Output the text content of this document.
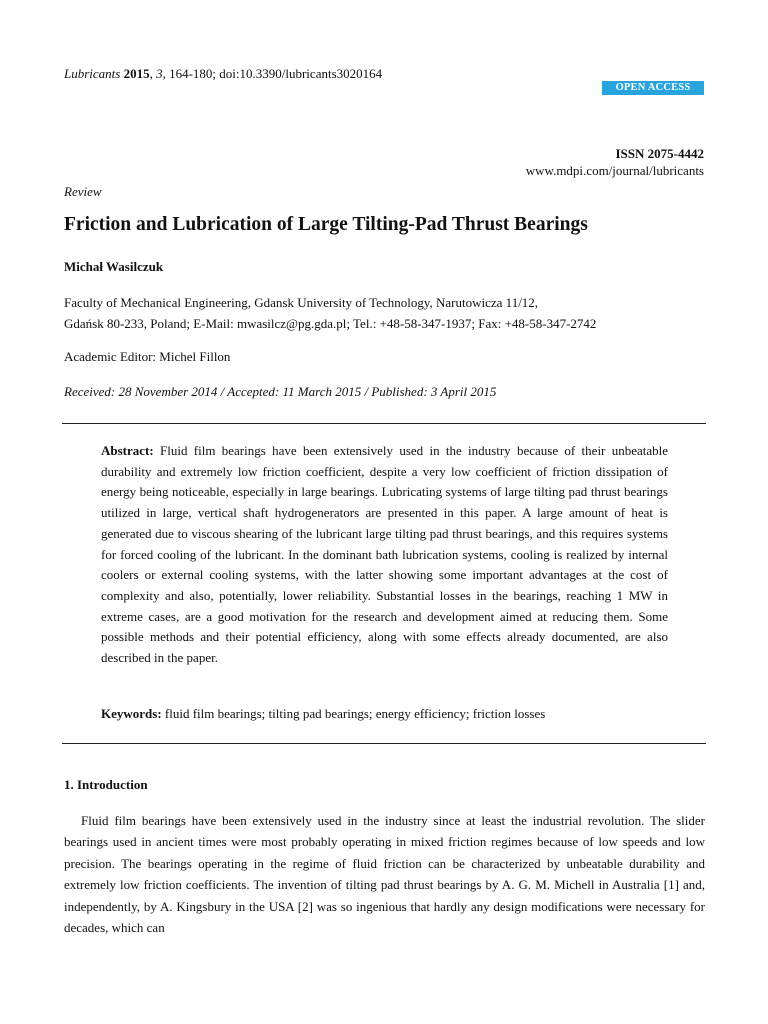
Lubricants 2015, 3, 164-180; doi:10.3390/lubricants3020164
OPEN ACCESS
ISSN 2075-4442
www.mdpi.com/journal/lubricants
Review
Friction and Lubrication of Large Tilting-Pad Thrust Bearings
Michał Wasilczuk
Faculty of Mechanical Engineering, Gdansk University of Technology, Narutowicza 11/12,
Gdańsk 80-233, Poland; E-Mail: mwasilcz@pg.gda.pl; Tel.: +48-58-347-1937; Fax: +48-58-347-2742
Academic Editor: Michel Fillon
Received: 28 November 2014 / Accepted: 11 March 2015 / Published: 3 April 2015
Abstract: Fluid film bearings have been extensively used in the industry because of their unbeatable durability and extremely low friction coefficient, despite a very low coefficient of friction dissipation of energy being noticeable, especially in large bearings. Lubricating systems of large tilting pad thrust bearings utilized in large, vertical shaft hydrogenerators are presented in this paper. A large amount of heat is generated due to viscous shearing of the lubricant large tilting pad thrust bearings, and this requires systems for forced cooling of the lubricant. In the dominant bath lubrication systems, cooling is realized by internal coolers or external cooling systems, with the latter showing some important advantages at the cost of complexity and also, potentially, lower reliability. Substantial losses in the bearings, reaching 1 MW in extreme cases, are a good motivation for the research and development aimed at reducing them. Some possible methods and their potential efficiency, along with some effects already documented, are also described in the paper.
Keywords: fluid film bearings; tilting pad bearings; energy efficiency; friction losses
1. Introduction
Fluid film bearings have been extensively used in the industry since at least the industrial revolution. The slider bearings used in ancient times were most probably operating in mixed friction regimes because of low speeds and low precision. The bearings operating in the regime of fluid friction can be characterized by unbeatable durability and extremely low friction coefficients. The invention of tilting pad thrust bearings by A. G. M. Michell in Australia [1] and, independently, by A. Kingsbury in the USA [2] was so ingenious that hardly any design modifications were necessary for decades, which can
